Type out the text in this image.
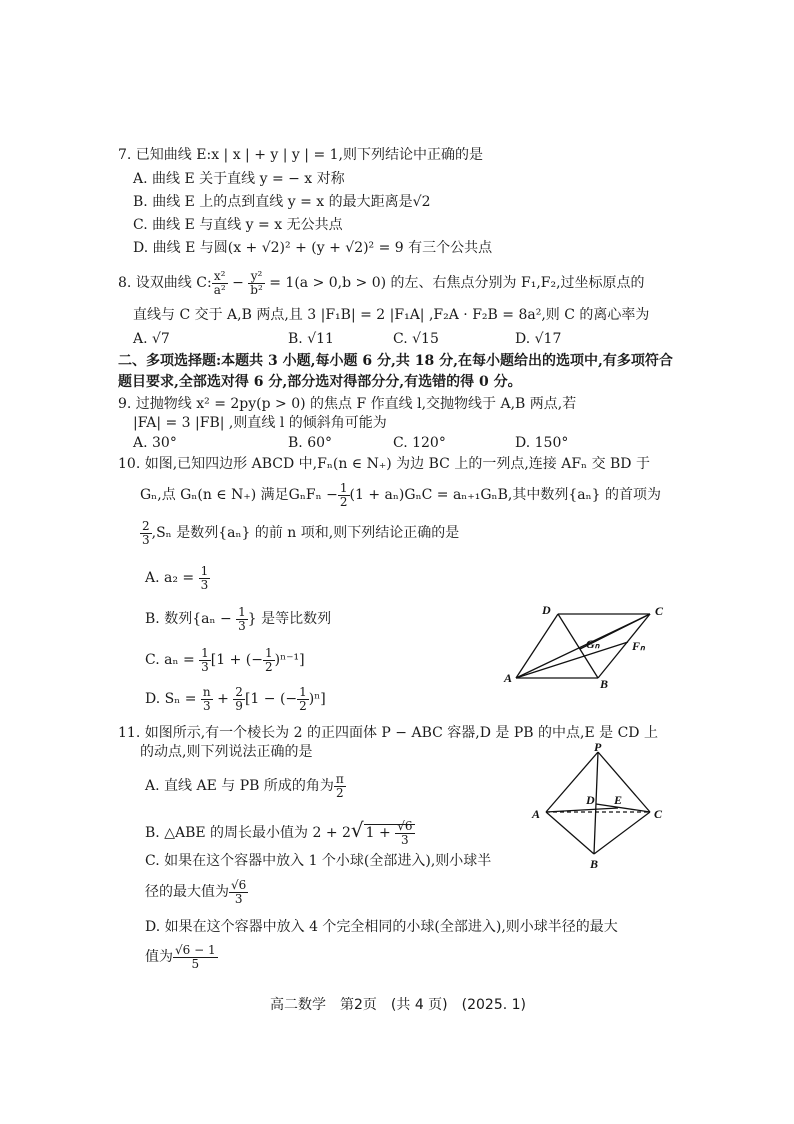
7. 已知曲线 E:x | x | + y | y | = 1,则下列结论中正确的是
A. 曲线 E 关于直线 y = − x 对称
B. 曲线 E 上的点到直线 y = x 的最大距离是√2
C. 曲线 E 与直线 y = x 无公共点
D. 曲线 E 与圆(x + √2)² + (y + √2)² = 9 有三个公共点
8. 设双曲线 C: $\frac{\text{x²}}{\text{a²}} - \frac{\text{y²}}{\text{b²}} = 1(a > 0,b > 0)$ 的左、右焦点分别为 F₁,F₂,过坐标原点的
直线与 C 交于 A,B 两点,且 3 |F₁B| = 2 |F₁A| ,F₂A · F₂B = 8a²,则 C 的离心率为
A. √7	B. √11	C. √15	D. √17
二、多项选择题:本题共 3 小题,每小题 6 分,共 18 分,在每小题给出的选项中,有多项符合
题目要求,全部选对得 6 分,部分选对得部分分,有选错的得 0 分。
9. 过抛物线 x² = 2py(p > 0) 的焦点 F 作直线 l,交抛物线于 A,B 两点,若
|FA| = 3 |FB| ,则直线 l 的倾斜角可能为
A. 30°	B. 60°	C. 120°	D. 150°
10. 如图,已知四边形 ABCD 中,Fₙ(n ∈ N₊) 为边 BC 上的一列点,连接 AFₙ 交 BD 于
Gₙ,点 Gₙ(n ∈ N₊) 满足$G_nF_n - \frac{1}{2} (1 + a_n)G_nC = a_{n+1}G_nB$,其中数列{aₙ} 的首项为
$\frac{2}{3} ,S_n$ 是数列{aₙ} 的前 n 项和,则下列结论正确的是
A. $a_2 = \frac{1}{3}$
B. 数列{$a_n - \frac{1}{3}$ } 是等比数列
C. $a_n = \frac{1}{3} [1$ + (− $\frac{1}{2} )^{n-1}$]
D. $S_n = \frac{n}{3} + \frac{2}{9} [1$ − (− $\frac{1}{2} )^n$]
D	C
A	B
Gₙ	Fₙ
11. 如图所示,有一个棱长为 2 的正四面体 P − ABC 容器,D 是 PB 的中点,E 是 CD 上
的动点,则下列说法正确的是
A. 直线 AE 与 PB 所成的角为 $\frac{\pi}{2}$
B. △ABE 的周长最小值为 2 + 2√ $1 + \frac{√6}{3}$
C. 如果在这个容器中放入 1 个小球(全部进入),则小球半
径的最大值为 $\frac{√6}{3}$
D. 如果在这个容器中放入 4 个完全相同的小球(全部进入),则小球半径的最大
值为 $\frac{√6 - 1}{5}$
P
A	C
B
D E
高二数学　第2页　(共 4 页)　(2025. 1)
